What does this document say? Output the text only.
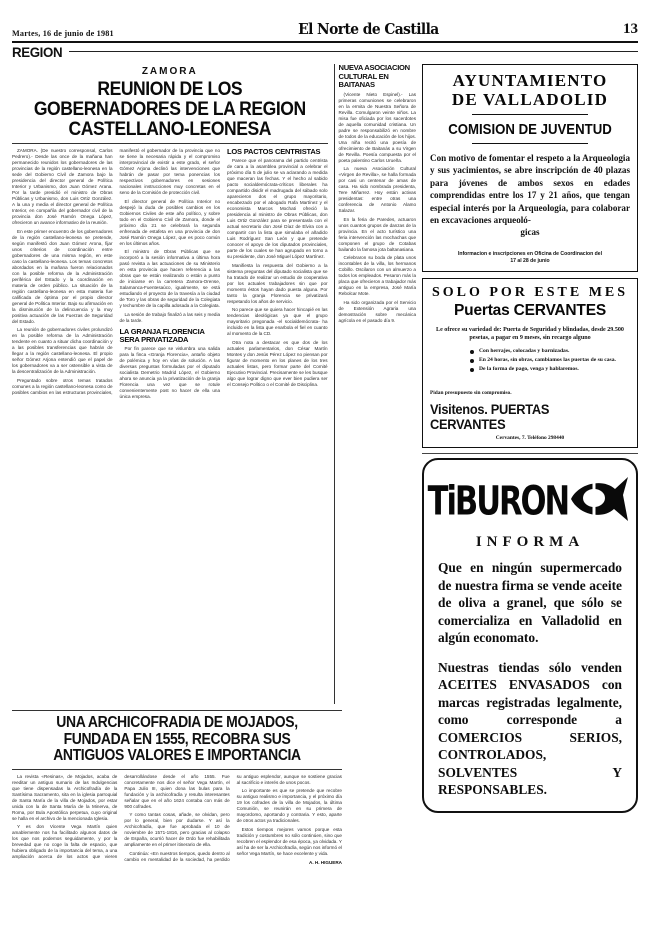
Martes, 16 de junio de 1981	El Norte de Castilla	13
REGION
ZAMORA
REUNION DE LOS GOBERNADORES DE LA REGION CASTELLANO-LEONESA

ZAMORA. (De nuestro corresponsal, Carlos Pedrero).- Desde las once de la mañana han permanecido reunidos los gobernadores de las provincias de la región castellano-leonesa en la sede del Gobierno Civil de Zamora bajo la presidencia del director general de Política Interior y Urbanismo, don Juan Gómez Arana. Por la tarde presidió el ministro de Obras Públicas y Urbanismo, don Luis Ortiz González. A la una y media el director general de Política Interior, en compañía del gobernador civil de la provincia don José Ramón Onega López, ofrecieron un avance informativo de la reunión.

En este primer encuentro de los gobernadores de la región castellano-leonesa se pretende, según manifestó don Juan Gómez Arona, fijar unos criterios de coordinación entre gobernadores de una misma región, en este caso la castellano-leonesa. Los temas concretos abordados en la mañana fueron relacionados con la posible reforma de la Administración periférica del Estado y la coordinación en materia de orden público. La situación de la región castellano-leonesa en esta materia fue calificada de óptima por el propio director general de Política Interior. Bajo su afirmación en la disminución de la delincuencia y la muy positiva actuación de las Fuerzas de Seguridad del Estado.

La reunión de gobernadores civiles prolundizó en la posible reforma de la Administración tendente en cuanto a situar dicha coordinación y a las posibles transferencias que habrán de llegar a la región castellano-leonesa. El propio señor Gómez Arjona entendió que el papel de los gobernadores va a ser ostensible a vista de la descentralización de la Administración.

Preguntado sobre otros temas tratados comunes a la región castellano-leonesa como de posibles cambios en las estructuras provinciales, manifestó el gobernador de la provincia que no se tiene la necesaria rápida y el compromiso interprovincial de existir a este grado, el señor Gómez Arjona declinó las intervenciones que habrán de pasar por tema ponencias los respectivos gobernadores en sesiones nacionales instrucciones muy concretas en el seno de la Comisión de protección civil.

El director general de Política Interior no despejó la duda de posibles cambios en los Gobiernos Civiles de este año político, y sobre todo en el Gobierno Civil de Zamora, donde el próximo día 21 se celebrará la segunda enfrenada de estafeta en una provincia de don José Ramón Onega López, que es poco común en los últimos años.

El ministro de Obras Públicas que se incorporó a la sesión informativa a última hora pasó revista a las actuaciones de su Ministerio en esta provincia que hacen referencia a las obras que se están realizando o están a punto de iniciarse en la carretera Zamora-Orense, Salamanca-Fuentesaúco, igualmente, se está estudiando el proyecto de la travesía a la ciudad de Toro y las obras de seguridad de la Colegiata y techumbre de la capilla adosada a la Colegiata.

La sesión de trabajo finalizó a las seis y media de la tarde.

LA GRANJA FLORENCIA SERA PRIVATIZADA

Por fin parece que se vislumbra una salida para la finca «Granja Florencia», antaño objeto de polémica y hoy en vías de solución. A las diversas preguntas formuladas por el diputado socialista Demetrio Madrid López, el Gobierno ahora se anuncia ya la privatización de la granja Florencia una vez que se rotule convenientemente post no hacer de ella una única empresa.

LOS PACTOS CENTRISTAS

Parece que el panorama del partido centrista de cara a la asamblea provincial a celebrar el próximo día 5 de julio se va aclarando a medida que maceran las fechas. Y el hecho al sabido pacto socialdemócrata-críticos liberales ha compartido disidir el madrugada del sábado solo aparecieron dos el grupo mayoritario, encabezado por el abogado Rafa Martínez y el economista Marcos Mochati ofreció la presidencia al ministro de Obras Públicas, don Luis Ortiz González para se presentasla con el actual secretario don José Díaz de Elvira con a compartir con la lista que simulaba el añadido Luis Rodríguez San León y que pretende conocer el apoyo de los diputados provinciales, parte de los cuales se han agrupado en torno a su presidente, don José Miguel López Martínez.

Manifiesta la respuesta del Gobierno a la sistema preguntas del diputado socialista que se ha tratado de realizar un estudio de cooperativa por los actuales trabajadores sin que por momento éstos hayan dado puesta alguna. Por tanto la granja Florencia se privatizará respetando los años de servicio.

No parece que se quiera hacer hincapié en las tendencias ideológicas ya que el grupo mayoritario pregonada -el socialdemócrata- ha incluido en la lista que enarbola el fiel en cuanto al momento de la CD.

Otra nota a destacar es que dos de los actuales parlamentarios, don César Martín Montes y don Jesús Pérez López no piensan por figurar de momento en los planes de los tres actuales listas, pero formar parte del Comité Ejecutivo Provincial. Precisamente se les busque algo que lograr digno que ever bien pudiera ser el Consejo Político o el Comité de Disciplina.

NUEVA ASOCIACION CULTURAL EN BAITANAS

(Vicente Nieto Espinel).- Las primeras comuniones se celebraron en la ermita de Nuestra Señora de Revilla. Comulgaron veinte niños. La misa fue oficiada por los sacerdotes de aquella comunidad cristiana. Un padre se responsabilizó en nombre de todos de la educación de los hijos. Una niña recitó una poesía de ofrecimiento de Baitanás a su Virgen de Revilla. Poesía compuesta por el poeta palentino Carlos Urueña.

La nueva Asociación Cultural «Virgen de Revilla», se halla formada por casi un centenar de amas de casa. Ha sido nombrada presidenta, Tere Miñarrez. Hoy están activas presidentas: entre otras una conferencia de Antonio Alamo Salazar.

En la feria de Paredes, actuaron unos cuantos grupos de danzas de la provincia. En el acto turístico una feria intervención las mochachas que componen el grupo de Cotabas bailando la famosa jota baltanasiana.

Celebraron su boda de plata unos incontables de la villa, los hermanos Cobillo. Oscilaron con un almuerzo a todos los empleados. Pesaron más la placa que ofrecieron a trabajador más antiguo en la empresa, José María Rebolcar Mote.

Ha sido organizada por el Servicio de Extensión Agraria una demostración sobre mecánica agrícola en el pasado día 9.

AYUNTAMIENTO
DE VALLADOLID
COMISION DE JUVENTUD
Con motivo de fomentar el respeto a la Arqueologia y sus yacimientos, se abre inscripción de 40 plazas para jóvenes de ambos sexos en edades comprendidas entre los 17 y 21 años, que tengan especial interés por la Arqueologia, para colaborar en excavaciones arqueoló-
gicas
Informacion e inscripciones en Oficina de Coordinacion del
17 al 28 de junio
SOLO POR ESTE MES
Puertas CERVANTES
Le ofrece su variedad de: Puerta de Seguridad y blindadas, desde 29.500 pesetas, a pagar en 9 meses, sin recargo alguno
Con herrajes, colocadas y barnizadas.
En 24 horas, sin obras, cambiamos las puertas de su casa.
De la forma de pago, venga y hablaremos.
Pidan presupuesto sin compromiso.
Visitenos. PUERTAS CERVANTES
Cervantes, 7. Teléfono 298440
TiBURON
INFORMA

Que en ningún supermercado de nuestra firma se vende aceite de oliva a granel, que sólo se comercializa en Valladolid en algún economato.

Nuestras tiendas sólo venden ACEITES ENVASADOS con marcas registradas legalmente, como corresponde a COMERCIOS SERIOS, CONTROLADOS, SOLVENTES Y RESPONSABLES.

UNA ARCHICOFRADIA DE MOJADOS, FUNDADA EN 1555, RECOBRA SUS ANTIGUOS VALORES E IMPORTANCIA

La revista «Resinas», de Mojados, acaba de reeditar un antiguo sumario de las Indulgencias que tiene dispensadas la Archicofradía de la Santísima Sacramento, sita en la iglesia parroquial de Santa María de la villa de Mojados, por estar unida con la de Santa María de la Minerva, de Roma, por Bula Apostólica perpetua, cuyo original se halla en el archivo de la mencionada Iglesia.

Y es don Vicente Vega Martín quien amablemente nos ha facilitado algunos datos de los que nos podemos seguidamente, y por la brevedad que no coge la falta de espacio, que hubiera obligado de la importancia del tema, a una ampliación acerca de los actos que vieren desarrollándose desde el año 1555. Fue concretamente nos dice el señor Vega Martín, el Papa Julio III, quien dona las bulas para la fundación y la archicofradía y resulta interesantes señalar que en el año 1624 contaba con más de 900 cofrades.

Y como tantas cosas, añade, se olvidan, pero por lo general, bien por dudarse. Y así la Archicofradía, que fue aprobada el 10 de noviembre de 1571-1816, pero gracias al colapso de España, ocurrió hacer de Ordo fue rehabilitada ampliamente en el primer itinerario de ella.

Continúa: «En nuestros tiempos, quedo dentro al cambio en mentalidad de la sociedad, ha perdido su antiguo esplendor, aunque se sostiene gracias al sacrificio e interés de unos pocos.

Lo importante es que se pretende que recobre su antiguo realismo e importancia, y el próximo día 19 los cofrades de la villa de Mojados, la última Comunión, se reunirán en su primera de mayordomo, aportando y contraria. Y esto, aparte de otros actos ya tradicionales.

Estos tiempos mejores vamos porque esta tradición y costumbres no sólo continúen, sino que recobren el esplendor de esa época, ya olvidada. Y así ha de ser la Archicofradía, según nos informó el señor Vega Martín, se hace excelente y vida.

A. H. HIGUERA
